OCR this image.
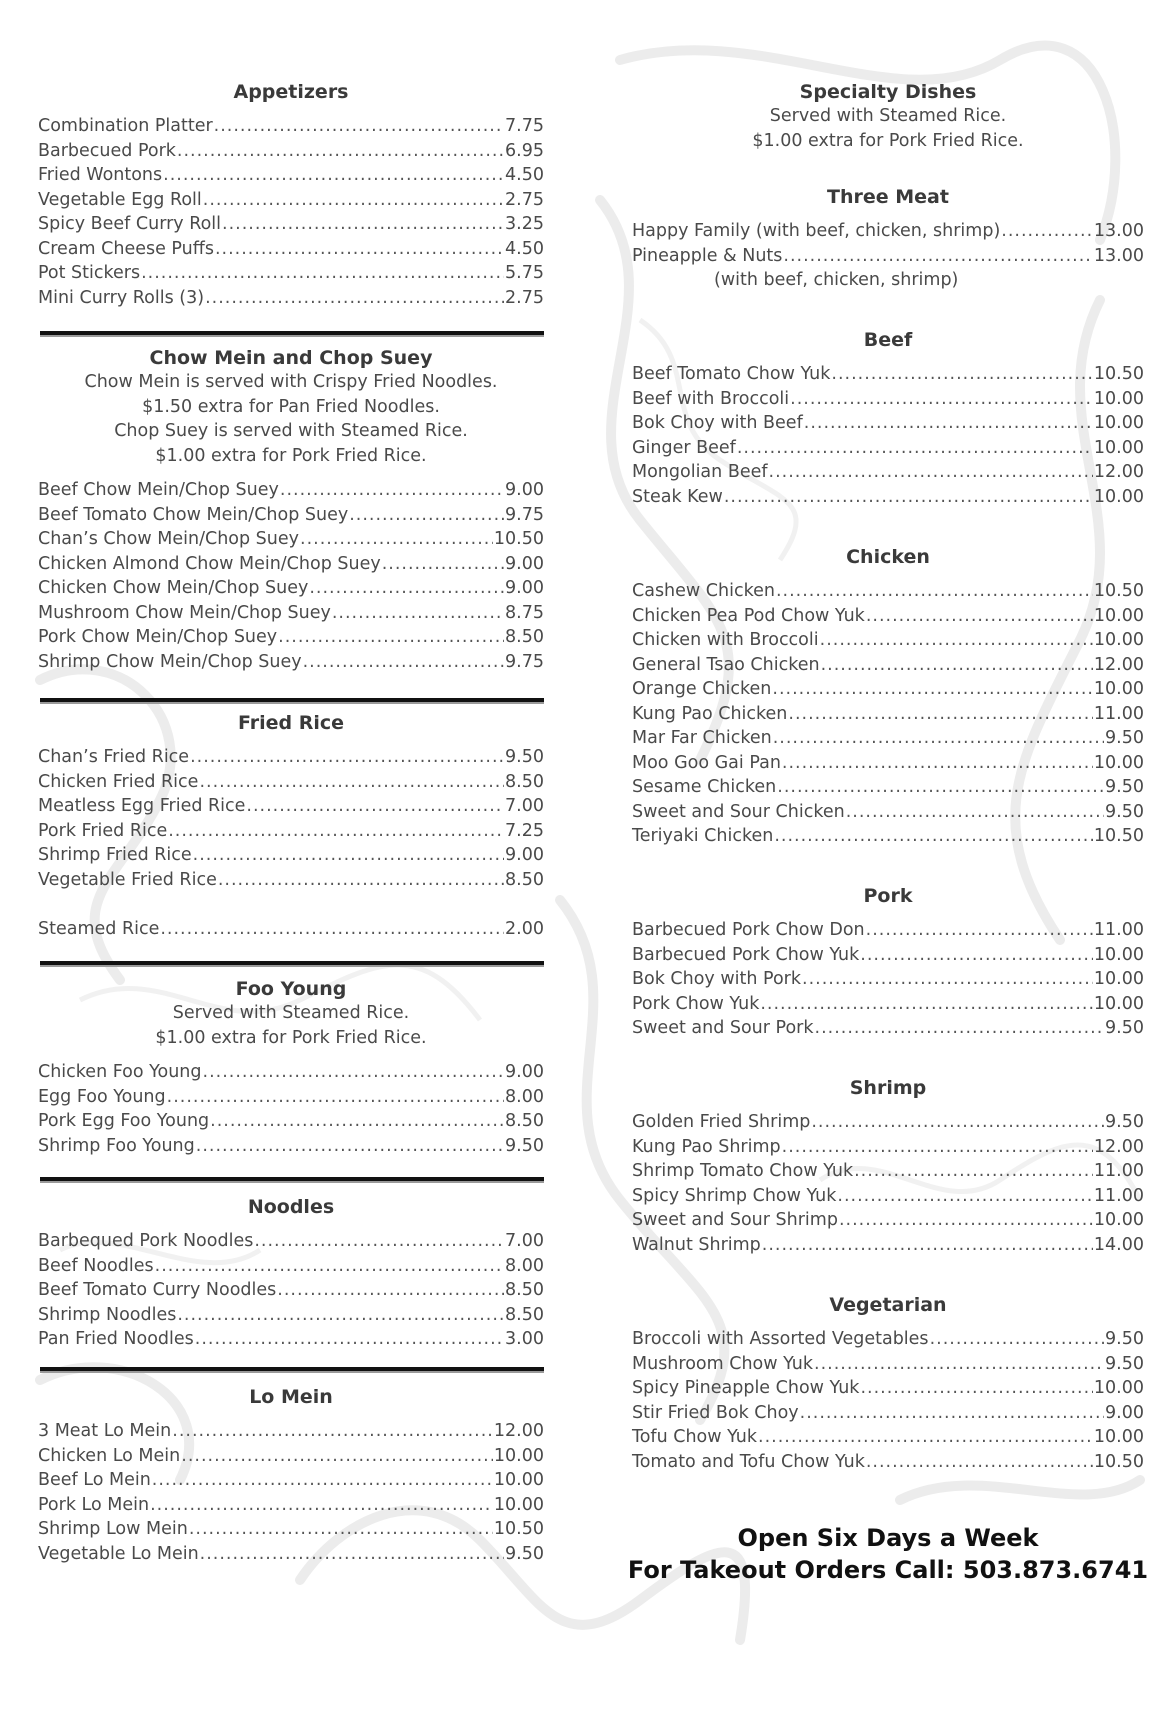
Appetizers
Combination Platter .....	7.75
Barbecued Pork .....	6.95
Fried Wontons .....	4.50
Vegetable Egg Roll .....	2.75
Spicy Beef Curry Roll .....	3.25
Cream Cheese Puffs .....	4.50
Pot Stickers .....	5.75
Mini Curry Rolls (3) .....	2.75
Chow Mein and Chop Suey
Chow Mein is served with Crispy Fried Noodles.
$1.50 extra for Pan Fried Noodles.
Chop Suey is served with Steamed Rice.
$1.00 extra for Pork Fried Rice.
Beef Chow Mein/Chop Suey .....	9.00
Beef Tomato Chow Mein/Chop Suey .....	9.75
Chan’s Chow Mein/Chop Suey .....	10.50
Chicken Almond Chow Mein/Chop Suey .....	9.00
Chicken Chow Mein/Chop Suey .....	9.00
Mushroom Chow Mein/Chop Suey .....	8.75
Pork Chow Mein/Chop Suey .....	8.50
Shrimp Chow Mein/Chop Suey .....	9.75
Fried Rice
Chan’s Fried Rice .....	9.50
Chicken Fried Rice .....	8.50
Meatless Egg Fried Rice .....	7.00
Pork Fried Rice .....	7.25
Shrimp Fried Rice .....	9.00
Vegetable Fried Rice .....	8.50
Steamed Rice .....	2.00
Foo Young
Served with Steamed Rice.
$1.00 extra for Pork Fried Rice.
Chicken Foo Young .....	9.00
Egg Foo Young .....	8.00
Pork Egg Foo Young .....	8.50
Shrimp Foo Young .....	9.50
Noodles
Barbequed Pork Noodles .....	7.00
Beef Noodles .....	8.00
Beef Tomato Curry Noodles .....	8.50
Shrimp Noodles .....	8.50
Pan Fried Noodles .....	3.00
Lo Mein
3 Meat Lo Mein .....	12.00
Chicken Lo Mein .....	10.00
Beef Lo Mein .....	10.00
Pork Lo Mein .....	10.00
Shrimp Low Mein .....	10.50
Vegetable Lo Mein .....	9.50
Specialty Dishes
Served with Steamed Rice.
$1.00 extra for Pork Fried Rice.
Three Meat
Happy Family (with beef, chicken, shrimp) .....	13.00
Pineapple & Nuts .....	13.00
(with beef, chicken, shrimp)
Beef
Beef Tomato Chow Yuk .....	10.50
Beef with Broccoli .....	10.00
Bok Choy with Beef .....	10.00
Ginger Beef .....	10.00
Mongolian Beef .....	12.00
Steak Kew .....	10.00
Chicken
Cashew Chicken .....	10.50
Chicken Pea Pod Chow Yuk .....	10.00
Chicken with Broccoli .....	10.00
General Tsao Chicken .....	12.00
Orange Chicken .....	10.00
Kung Pao Chicken .....	11.00
Mar Far Chicken .....	9.50
Moo Goo Gai Pan .....	10.00
Sesame Chicken .....	9.50
Sweet and Sour Chicken .....	9.50
Teriyaki Chicken .....	10.50
Pork
Barbecued Pork Chow Don .....	11.00
Barbecued Pork Chow Yuk .....	10.00
Bok Choy with Pork .....	10.00
Pork Chow Yuk .....	10.00
Sweet and Sour Pork .....	9.50
Shrimp
Golden Fried Shrimp .....	9.50
Kung Pao Shrimp .....	12.00
Shrimp Tomato Chow Yuk .....	11.00
Spicy Shrimp Chow Yuk .....	11.00
Sweet and Sour Shrimp .....	10.00
Walnut Shrimp .....	14.00
Vegetarian
Broccoli with Assorted Vegetables .....	9.50
Mushroom Chow Yuk .....	9.50
Spicy Pineapple Chow Yuk .....	10.00
Stir Fried Bok Choy .....	9.00
Tofu Chow Yuk .....	10.00
Tomato and Tofu Chow Yuk .....	10.50
Open Six Days a Week
For Takeout Orders Call: 503.873.6741
